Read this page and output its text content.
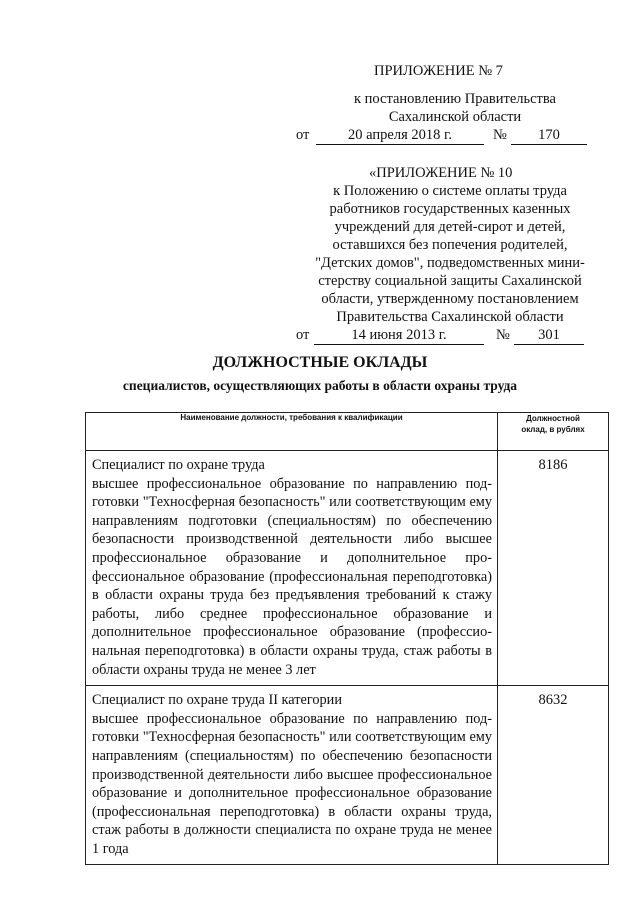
ПРИЛОЖЕНИЕ № 7
к постановлению Правительства
Сахалинской области
от	20 апреля 2018 г.	№	170
«ПРИЛОЖЕНИЕ № 10
к Положению о системе оплаты труда
работников государственных казенных
учреждений для детей-сирот и детей,
оставшихся без попечения родителей,
"Детских домов", подведомственных мини-
стерству социальной защиты Сахалинской
области, утвержденному постановлением
Правительства Сахалинской области
от	14 июня 2013 г.	№	301
ДОЛЖНОСТНЫЕ ОКЛАДЫ
специалистов, осуществляющих работы в области охраны труда
Наименование должности, требования к квалификации	Должностной
оклад, в рублях

Специалист по охране труда
высшее профессиональное образование по направлению подготовки "Техносферная безопасность" или соответствующим ему направлениям подготовки (специальностям) по обеспечению безопасности производственной деятельности либо высшее профессиональное образование и дополнительное профессиональное образование (профессиональная переподготовка) в области охраны труда без предъявления требований к стажу работы, либо среднее профессиональное образование и дополнительное профессиональное образование (профессиональная переподготовка) в области охраны труда, стаж работы в области охраны труда не менее 3 лет	8186

Специалист по охране труда II категории
высшее профессиональное образование по направлению подготовки "Техносферная безопасность" или соответствующим ему направлениям (специальностям) по обеспечению безопасности производственной деятельности либо высшее профессиональное образование и дополнительное профессиональное образование (профессиональная переподготовка) в области охраны труда, стаж работы в должности специалиста по охране труда не менее 1 года	8632
